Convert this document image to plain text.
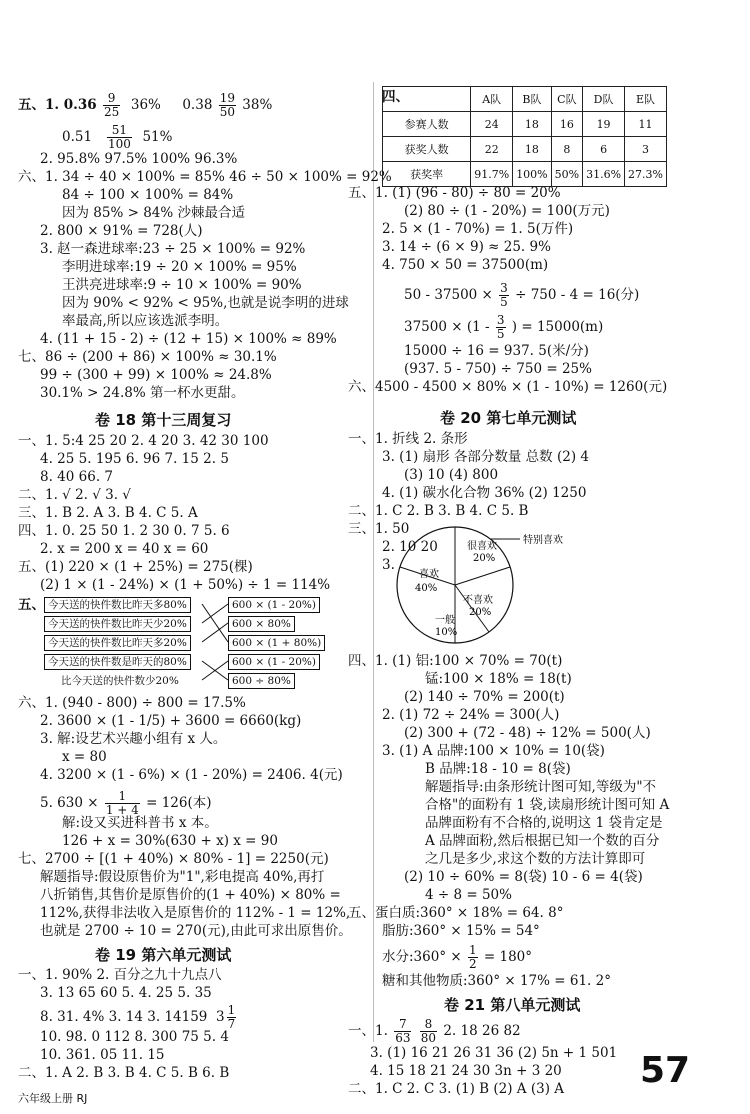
五、1. $0.36 \frac{9}{25} 36\%$ $0.38 \frac{19}{50} 38\%$
$0.51 \frac{51}{100} 51\%$
2. 95.8% 97.5% 100% 96.3%
六、1. 34 ÷ 40 × 100% = 85% 46 ÷ 50 × 100% = 92%
84 ÷ 100 × 100% = 84%
因为 85% > 84% 沙棘最合适
2. 800 × 91% = 728(人)
3. 赵一森进球率:23 ÷ 25 × 100% = 92%
李明进球率:19 ÷ 20 × 100% = 95%
王洪亮进球率:9 ÷ 10 × 100% = 90%
因为 90% < 92% < 95%,也就是说李明的进球
率最高,所以应该选派李明。
4. (11 + 15 - 2) ÷ (12 + 15) × 100% ≈ 89%
七、86 ÷ (200 + 86) × 100% ≈ 30.1%
99 ÷ (300 + 99) × 100% ≈ 24.8%
30.1% > 24.8% 第一杯水更甜。
卷 18 第十三周复习
一、1. 5:4 25 20 2. 4 20 3. 42 30 100
4. 25 5. 195 6. 96 7. 15 2. 5
8. 40 66. 7
二、1. √ 2. √ 3. √
三、1. B 2. A 3. B 4. C 5. A
四、1. 0. 25 50 1. 2 30 0. 7 5. 6
2. x = 200 x = 40 x = 60
五、(1) 220 × (1 + 25%) = 275(棵)
(2) 1 × (1 - 24%) × (1 + 50%) ÷ 1 = 114%
五、 今天送的快件数比昨天多80%
今天送的快件数比昨天少20%
今天送的快件数比昨天多20%
今天送的快件数是昨天的80%
比今天送的快件数少20%
600 × (1 - 20%)
600 × 80%
600 × (1 + 80%)
600 × (1 - 20%)
600 ÷ 80%
六、1. (940 - 800) ÷ 800 = 17.5%
2. 3600 × (1 - 1/5) + 3600 = 6660(kg)
3. 解:设艺术兴趣小组有 x 人。
x = 80
4. 3200 × (1 - 6%) × (1 - 20%) = 2406. 4(元)
5. $630 \times \frac{1}{1 + 4} = 126$(本)
解:设又买进科普书 x 本。
126 + x = 30%(630 + x) x = 90
七、2700 ÷ [(1 + 40%) × 80% - 1] = 2250(元)
解题指导:假设原售价为"1",彩电提高 40%,再打
八折销售,其售价是原售价的(1 + 40%) × 80% =
112%,获得非法收入是原售价的 112% - 1 = 12%,
也就是 2700 ÷ 10 = 270(元),由此可求出原售价。
卷 19 第六单元测试
一、1. 90% 2. 百分之九十九点八
3. 13 65 60 5. 4. 25 5. 35
8. 31. 4% 3. 14 3. 14159 $3 \frac{1}{7}$
10. 98. 0 112 8. 300 75 5. 4
10. 361. 05 11. 15
二、1. A 2. B 3. B 4. C 5. B 6. B
四、
		A队	B队	C队	D队	E队
参赛人数	24	18	16	19	11
获奖人数	22	18	8	6	3
获奖率	91.7%	100%	50%	31.6%	27.3%
五、1. (1) (96 - 80) ÷ 80 = 20%
(2) 80 ÷ (1 - 20%) = 100(万元)
2. 5 × (1 - 70%) = 1. 5(万件)
3. 14 ÷ (6 × 9) ≈ 25. 9%
4. 750 × 50 = 37500(m)
$50 - 37500 \times \frac{3}{5} \div 750 - 4 = 16$(分)
$37500 \times (1 - \frac{3}{5}$ ) = 15000(m)
15000 ÷ 16 = 937. 5(米/分)
(937. 5 - 750) ÷ 750 = 25%
六、4500 - 4500 × 80% × (1 - 10%) = 1260(元)
卷 20 第七单元测试
一、1. 折线 2. 条形
3. (1) 扇形 各部分数量 总数 (2) 4
(3) 10 (4) 800
4. (1) 碳水化合物 36% (2) 1250
二、1. C 2. B 3. B 4. C 5. B
三、1. 50
2. 10 20
3.
很喜欢
20%
喜欢
40%
不喜欢
20%
一般
10%
特别喜欢
四、1. (1) 铝:100 × 70% = 70(t)
锰:100 × 18% = 18(t)
(2) 140 ÷ 70% = 200(t)
2. (1) 72 ÷ 24% = 300(人)
(2) 300 + (72 - 48) ÷ 12% = 500(人)
3. (1) A 品牌:100 × 10% = 10(袋)
B 品牌:18 - 10 = 8(袋)
解题指导:由条形统计图可知,等级为"不
合格"的面粉有 1 袋,读扇形统计图可知 A
品牌面粉有不合格的,说明这 1 袋肯定是
A 品牌面粉,然后根据已知一个数的百分
之几是多少,求这个数的方法计算即可
(2) 10 ÷ 60% = 8(袋) 10 - 6 = 4(袋)
4 ÷ 8 = 50%
五、蛋白质:360° × 18% = 64. 8°
脂肪:360° × 15% = 54°
水分:360° × $\frac{1}{2} = 180^\circ$
糖和其他物质:360° × 17% = 61. 2°
卷 21 第八单元测试
一、1. $\frac{7}{63}$
$\frac{8}{80} 2$. 18 26 82
3. (1) 16 21 26 31 36 (2) 5n + 1 501
4. 15 18 21 24 30 3n + 3 20
二、1. C 2. C 3. (1) B (2) A (3) A
六年级上册 RJ
57
